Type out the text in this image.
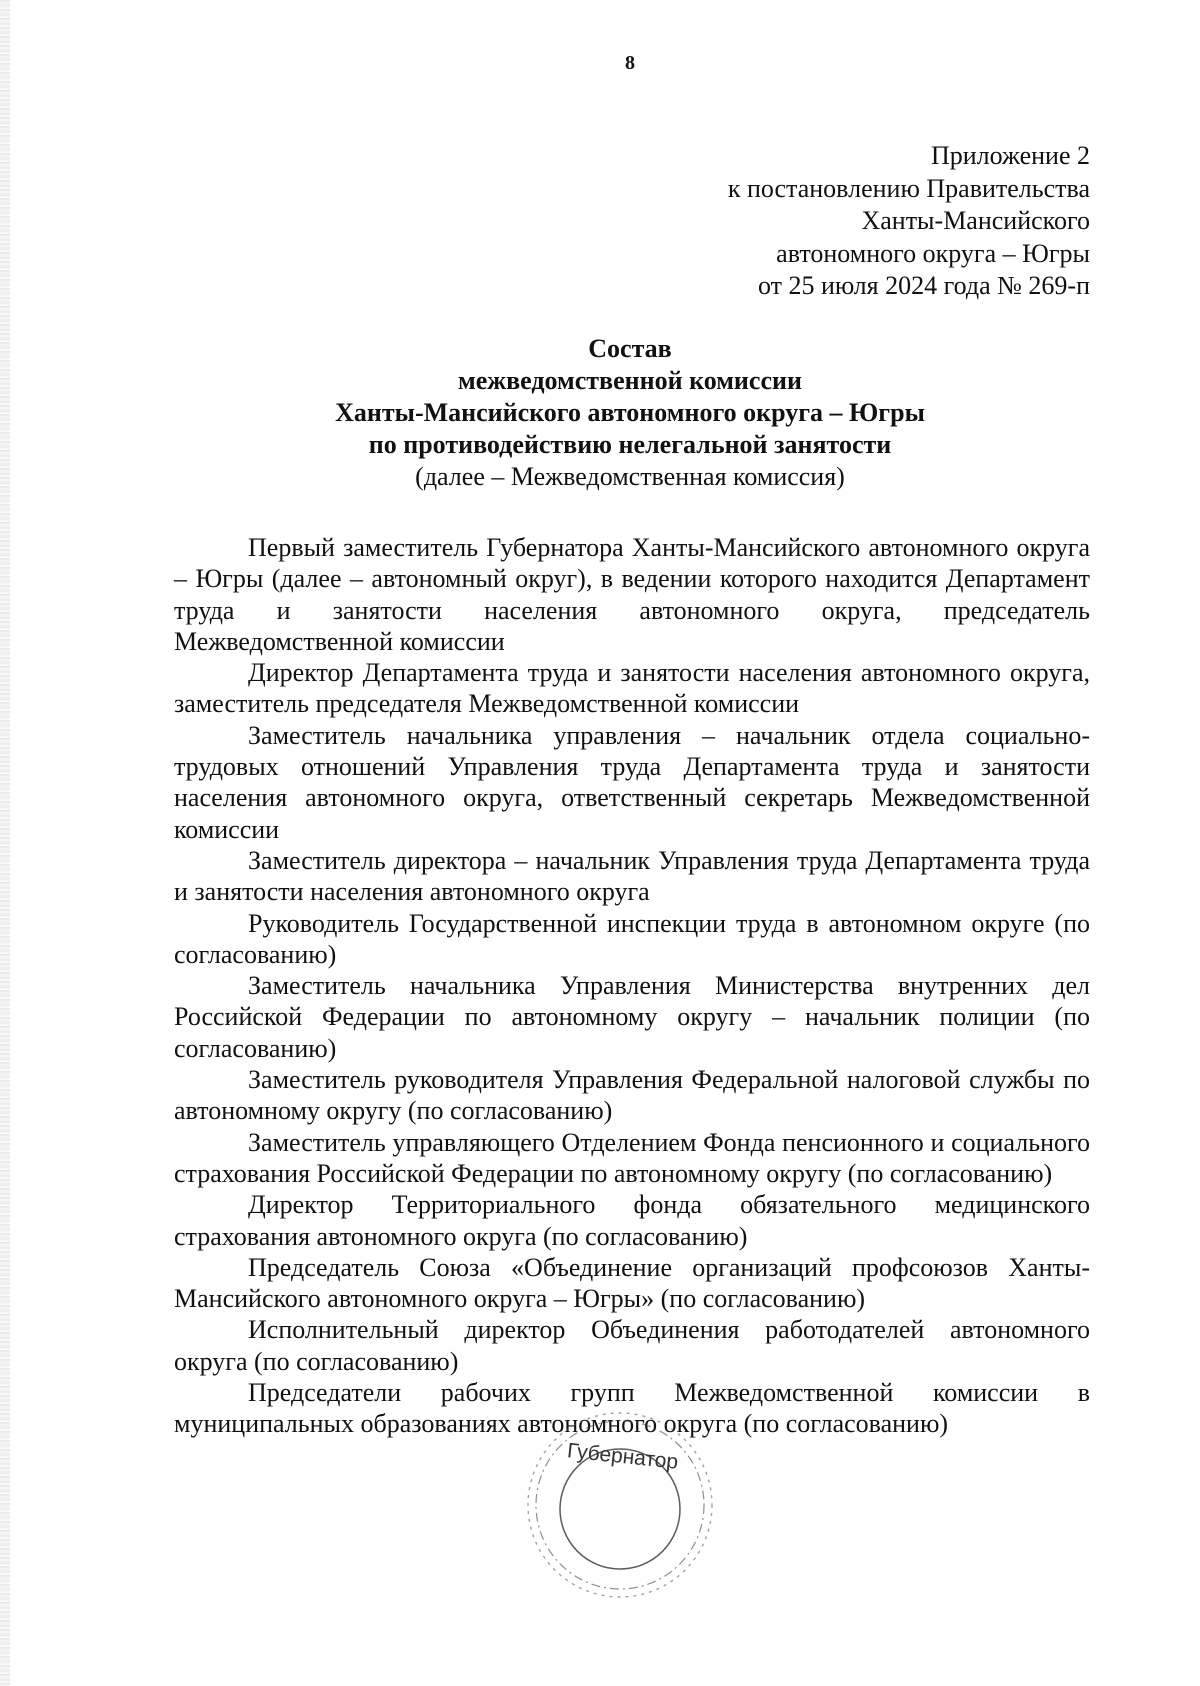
8
Приложение 2
к постановлению Правительства
Ханты-Мансийского
автономного округа – Югры
от 25 июля 2024 года № 269-п
Состав
межведомственной комиссии
Ханты-Мансийского автономного округа – Югры
по противодействию нелегальной занятости
(далее – Межведомственная комиссия)

Первый заместитель Губернатора Ханты-Мансийского автономного округа – Югры (далее – автономный округ), в ведении которого находится Департамент труда и занятости населения автономного округа, председатель Межведомственной комиссии

Директор Департамента труда и занятости населения автономного округа, заместитель председателя Межведомственной комиссии

Заместитель начальника управления – начальник отдела социально-трудовых отношений Управления труда Департамента труда и занятости населения автономного округа, ответственный секретарь Межведомственной комиссии

Заместитель директора – начальник Управления труда Департамента труда и занятости населения автономного округа

Руководитель Государственной инспекции труда в автономном округе (по согласованию)

Заместитель начальника Управления Министерства внутренних дел Российской Федерации по автономному округу – начальник полиции (по согласованию)

Заместитель руководителя Управления Федеральной налоговой службы по автономному округу (по согласованию)

Заместитель управляющего Отделением Фонда пенсионного и социального страхования Российской Федерации по автономному округу (по согласованию)

Директор Территориального фонда обязательного медицинского страхования автономного округа (по согласованию)

Председатель Союза «Объединение организаций профсоюзов Ханты-Мансийского автономного округа – Югры» (по согласованию)

Исполнительный директор Объединения работодателей автономного округа (по согласованию)

Председатели рабочих групп Межведомственной комиссии в муниципальных образованиях автономного округа (по согласованию)

Губернатор
